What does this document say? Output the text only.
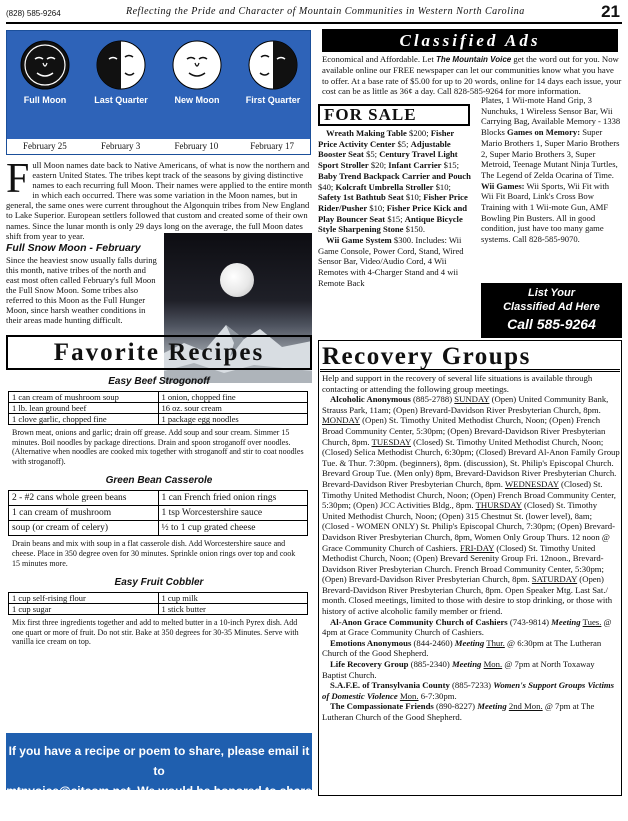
(828) 585-9264	Reflecting the Pride and Character of Mountain Communities in Western North Carolina	21
Full Moon	Last Quarter	New Moon	First Quarter
February 25	February 3	February 10	February 17
F ull Moon names date back to Native Americans, of what is now the northern and eastern United States. The tribes kept track of the seasons by giving distinctive names to each recurring full Moon. Their names were applied to the entire month in which each occurred. There was some variation in the Moon names, but in general, the same ones were current throughout the Algonquin tribes from New England to Lake Superior. European settlers followed that custom and created some of their own names. Since the lunar month is only 29 days long on the average, the full Moon dates shift from year to year.
Full Snow Moon - February
Since the heaviest snow usually falls during this month, native tribes of the north and east most often called February's full Moon the Full Snow Moon. Some tribes also referred to this Moon as the Full Hunger Moon, since harsh weather conditions in their areas made hunting difficult.
Classified Ads
Economical and Affordable. Let The Mountain Voice get the word out for you. Now available online our FREE newspaper can let our communities know what you have to offer. At a base rate of $5.00 for up to 20 words, online for 14 days each issue, your cost can be as little as 36¢ a day. Call 828-585-9264 for more information.
FOR SALE
Wreath Making Table $200; Fisher Price Activity Center $5; Adjustable Booster Seat $5; Century Travel Light Sport Stroller $20; Infant Carrier $15; Baby Trend Backpack Carrier and Pouch $40; Kolcraft Umbrella Stroller $10; Safety 1st Bathtub Seat $10; Fisher Price Rider/Pusher $10; Fisher Price Kick and Play Bouncer Seat $15; Antique Bicycle Style Sharpening Stone $150.
Wii Game System $300. Includes: Wii Game Console, Power Cord, Stand, Wired Sensor Bar, Video/Audio Cord, 4 Wii Remotes with 4-Charger Stand and 4 wii Remote Back
Plates, 1 Wii-mote Hand Grip, 3 Nunchuks, 1 Wireless Sensor Bar, Wii Carrying Bag, Available Memory - 1338 Blocks Games on Memory: Super Mario Brothers 1, Super Mario Brothers 2, Super Mario Brothers 3, Super Metroid, Teenage Mutant Ninja Turtles, The Legend of Zelda Ocarina of Time. Wii Games: Wii Sports, Wii Fit with Wii Fit Board, Link's Cross Bow Training with 1 Wii-mote Gun, AMF Bowling Pin Busters. All in good condition, just have too many game systems. Call 828-585-9070.
List Your
Classified Ad Here
Call 585-9264
Favorite Recipes
Easy Beef Strogonoff
1 can cream of mushroom soup	1 onion, chopped fine
1 lb. lean ground beef	16 oz. sour cream
1 clove garlic, chopped fine	1 package egg noodles
Brown meat, onions and garlic; drain off grease. Add soup and sour cream. Simmer 15 minutes. Boil noodles by package directions. Drain and spoon stroganoff over noodles. (Alternative when noodles are cooked mix together with stroganoff and stir to coat noodles with stroganoff).
Green Bean Casserole
2 - #2 cans whole green beans	1 can French fried onion rings
1 can cream of mushroom	1 tsp Worcestershire sauce
soup (or cream of celery)	½ to 1 cup grated cheese
Drain beans and mix with soup in a flat casserole dish. Add Worcestershire sauce and cheese. Place in 350 degree oven for 30 minutes. Sprinkle onion rings over top and cook 15 minutes more.
Easy Fruit Cobbler
1 cup self-rising flour	1 cup milk
1 cup sugar	1 stick butter
Mix first three ingredients together and add to melted butter in a 10-inch Pyrex dish. Add one quart or more of fruit. Do not stir. Bake at 350 degrees for 30-35 Minutes. Serve with vanilla ice cream on top.
If you have a recipe or poem to share, please email it to
mtnvoice@citcom.net. We would be honored to share it.
Recovery Groups

Help and support in the recovery of several life situations is available through contacting or attending the following group meetings.

Alcoholic Anonymous (885-2788) SUNDAY (Open) United Community Bank, Strauss Park, 11am; (Open) Brevard-Davidson River Presbyterian Church, 8pm. MONDAY (Open) St. Timothy United Methodist Church, Noon; (Open) French Broad Community Center, 5:30pm; (Open) Brevard-Davidson River Presbyterian Church, 8pm. TUESDAY (Closed) St. Timothy United Methodist Church, Noon; (Closed) Selica Methodist Church, 6:30pm; (Closed) Brevard Al-Anon Family Group Tue. & Thur. 7:30pm. (beginners), 8pm. (discussion), St. Philip's Episcopal Church. Brevard Group Tue. (Men only) 8pm, Brevard-Davidson River Presbyterian Church. Brevard-Davidson River Presbyterian Church, 8pm. WEDNESDAY (Closed) St. Timothy United Methodist Church, Noon; (Open) French Broad Community Center, 5:30pm; (Open) JCC Activities Bldg., 8pm. THURSDAY (Closed) St. Timothy United Methodist Church, Noon; (Open) 315 Chestnut St. (lower level), 8am; (Closed - WOMEN ONLY) St. Philip's Episcopal Church, 7:30pm; (Open) Brevard-Davidson River Presbyterian Church, 8pm, Women Only Group Thurs. 12 noon @ Grace Community Church of Cashiers. FRI-DAY (Closed) St. Timothy United Methodist Church, Noon; (Open) Brevard Serenity Group Fri. 12noon., Brevard-Davidson River Presbyterian Church. French Broad Community Center, 5:30pm; (Open) Brevard-Davidson River Presbyterian Church, 8pm. SATURDAY (Open) Brevard-Davidson River Presbyterian Church, 8pm. Open Speaker Mtg. Last Sat./ month. Closed meetings, limited to those with desire to stop drinking, or those with history of active alcoholic family member or friend.

Al-Anon Grace Community Church of Cashiers (743-9814) Meeting Tues. @ 4pm at Grace Community Church of Cashiers.

Emotions Anonymous (844-2460) Meeting Thur. @ 6:30pm at The Lutheran Church of the Good Shepherd.

Life Recovery Group (885-2340) Meeting Mon. @ 7pm at North Toxaway Baptist Church.

S.A.F.E. of Transylvania County (885-7233) Women's Support Groups Victims of Domestic Violence Mon. 6-7:30pm.

The Compassionate Friends (890-8227) Meeting 2nd Mon. @ 7pm at The Lutheran Church of the Good Shepherd.
